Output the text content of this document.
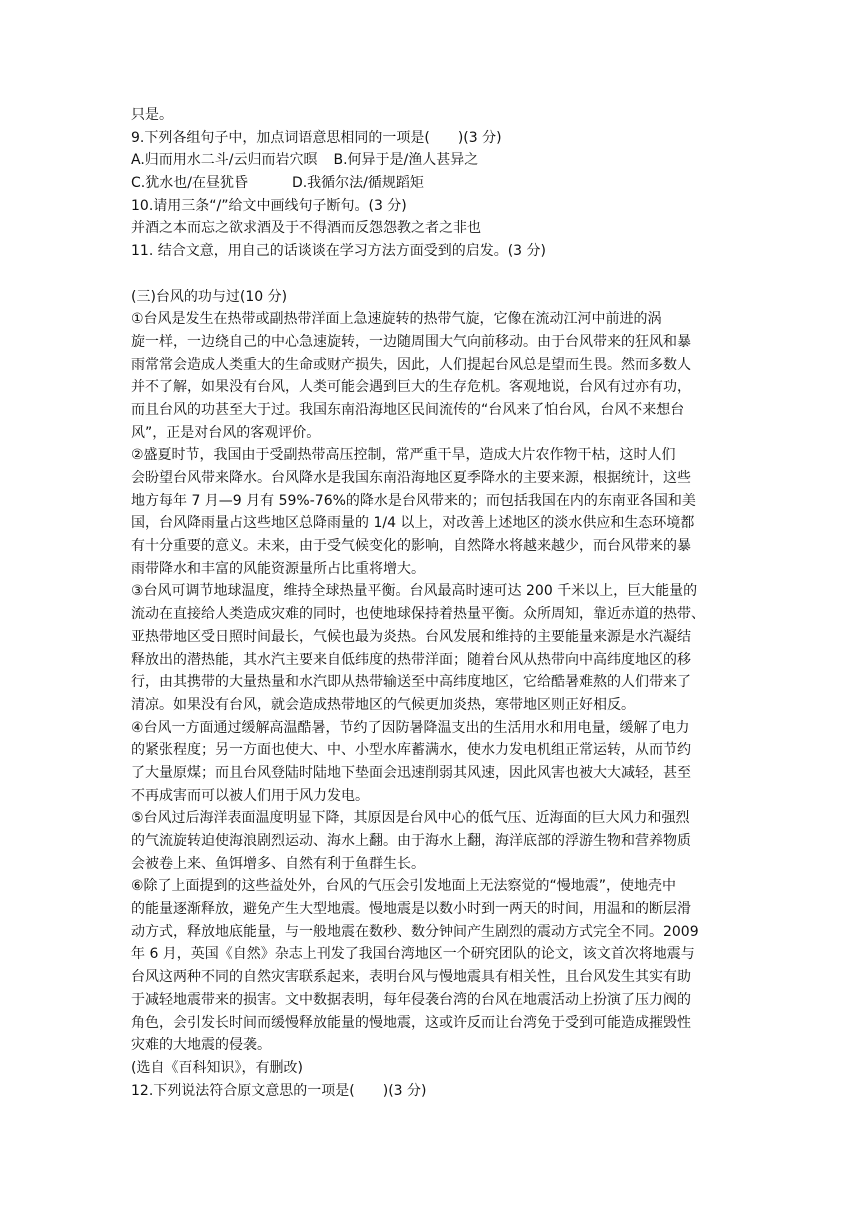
只是。
9.下列各组句子中，加点词语意思相同的一项是(　　)(3 分)
A.归而用水二斗/云归而岩穴暝 B.何异于是/渔人甚异之
C.犹水也/在昼犹昏	D.我循尔法/循规蹈矩
10.请用三条“/”给文中画线句子断句。(3 分)
并酒之本而忘之欲求酒及于不得酒而反怨怨教之者之非也
11. 结合文意，用自己的话谈谈在学习方法方面受到的启发。(3 分)
(三)台风的功与过(10 分)
①台风是发生在热带或副热带洋面上急速旋转的热带气旋，它像在流动江河中前进的涡
旋一样，一边绕自己的中心急速旋转，一边随周围大气向前移动。由于台风带来的狂风和暴
雨常常会造成人类重大的生命或财产损失，因此，人们提起台风总是望而生畏。然而多数人
并不了解，如果没有台风，人类可能会遇到巨大的生存危机。客观地说，台风有过亦有功，
而且台风的功甚至大于过。我国东南沿海地区民间流传的“台风来了怕台风，台风不来想台
风”，正是对台风的客观评价。
②盛夏时节，我国由于受副热带高压控制，常严重干旱，造成大片农作物干枯，这时人们
会盼望台风带来降水。台风降水是我国东南沿海地区夏季降水的主要来源，根据统计，这些
地方每年 7 月—9 月有 59%-76%的降水是台风带来的；而包括我国在内的东南亚各国和美
国，台风降雨量占这些地区总降雨量的 1/4 以上，对改善上述地区的淡水供应和生态环境都
有十分重要的意义。未来，由于受气候变化的影响，自然降水将越来越少，而台风带来的暴
雨带降水和丰富的风能资源量所占比重将增大。
③台风可调节地球温度，维持全球热量平衡。台风最高时速可达 200 千米以上，巨大能量的
流动在直接给人类造成灾难的同时，也使地球保持着热量平衡。众所周知，靠近赤道的热带、
亚热带地区受日照时间最长，气候也最为炎热。台风发展和维持的主要能量来源是水汽凝结
释放出的潜热能，其水汽主要来自低纬度的热带洋面；随着台风从热带向中高纬度地区的移
行，由其携带的大量热量和水汽即从热带输送至中高纬度地区，它给酷暑难熬的人们带来了
清凉。如果没有台风，就会造成热带地区的气候更加炎热，寒带地区则正好相反。
④台风一方面通过缓解高温酷暑，节约了因防暑降温支出的生活用水和用电量，缓解了电力
的紧张程度；另一方面也使大、中、小型水库蓄满水，使水力发电机组正常运转，从而节约
了大量原煤；而且台风登陆时陆地下垫面会迅速削弱其风速，因此风害也被大大减轻，甚至
不再成害而可以被人们用于风力发电。
⑤台风过后海洋表面温度明显下降，其原因是台风中心的低气压、近海面的巨大风力和强烈
的气流旋转迫使海浪剧烈运动、海水上翻。由于海水上翻，海洋底部的浮游生物和营养物质
会被卷上来、鱼饵增多、自然有利于鱼群生长。
⑥除了上面提到的这些益处外，台风的气压会引发地面上无法察觉的“慢地震”，使地壳中
的能量逐渐释放，避免产生大型地震。慢地震是以数小时到一两天的时间，用温和的断层滑
动方式，释放地底能量，与一般地震在数秒、数分钟间产生剧烈的震动方式完全不同。2009
年 6 月，英国《自然》杂志上刊发了我国台湾地区一个研究团队的论文，该文首次将地震与
台风这两种不同的自然灾害联系起来，表明台风与慢地震具有相关性，且台风发生其实有助
于减轻地震带来的损害。文中数据表明，每年侵袭台湾的台风在地震活动上扮演了压力阀的
角色，会引发长时间而缓慢释放能量的慢地震，这或许反而让台湾免于受到可能造成摧毁性
灾难的大地震的侵袭。
(选自《百科知识》，有删改)
12.下列说法符合原文意思的一项是(　　)(3 分)
